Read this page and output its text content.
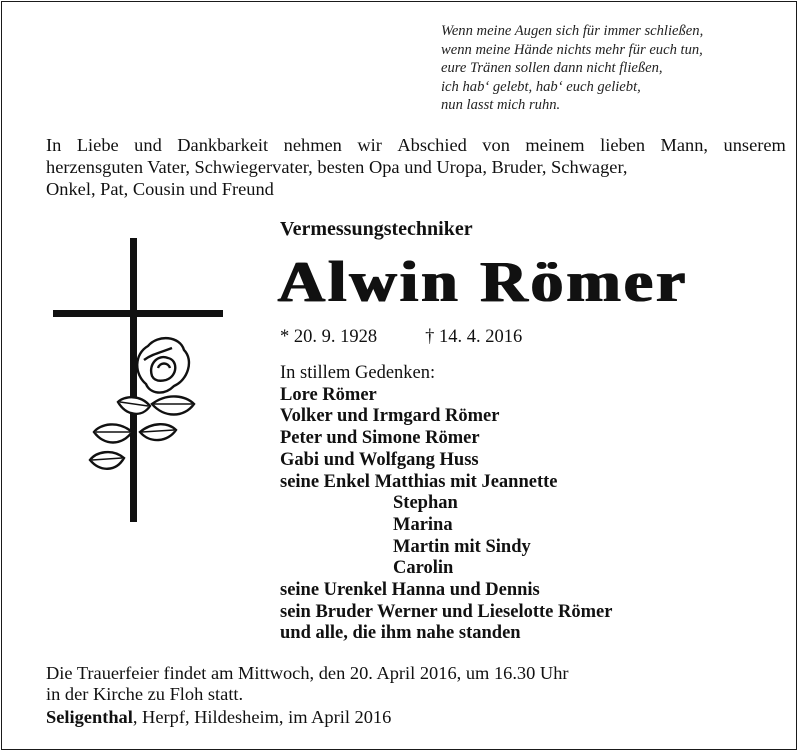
Wenn meine Augen sich für immer schließen,
wenn meine Hände nichts mehr für euch tun,
eure Tränen sollen dann nicht fließen,
ich hab‘ gelebt, hab‘ euch geliebt,
nun lasst mich ruhn.
In Liebe und Dankbarkeit nehmen wir Abschied von meinem lieben Mann, unserem
herzensguten Vater, Schwiegervater, besten Opa und Uropa, Bruder, Schwager,
Onkel, Pat, Cousin und Freund
Vermessungstechniker
Alwin Römer
* 20. 9. 1928	† 14. 4. 2016
In stillem Gedenken:
Lore Römer
Volker und Irmgard Römer
Peter und Simone Römer
Gabi und Wolfgang Huss
seine Enkel Matthias mit Jeannette
Stephan
Marina
Martin mit Sindy
Carolin
seine Urenkel Hanna und Dennis
sein Bruder Werner und Lieselotte Römer
und alle, die ihm nahe standen
Die Trauerfeier findet am Mittwoch, den 20. April 2016, um 16.30 Uhr
in der Kirche zu Floh statt.
Seligenthal, Herpf, Hildesheim, im April 2016
